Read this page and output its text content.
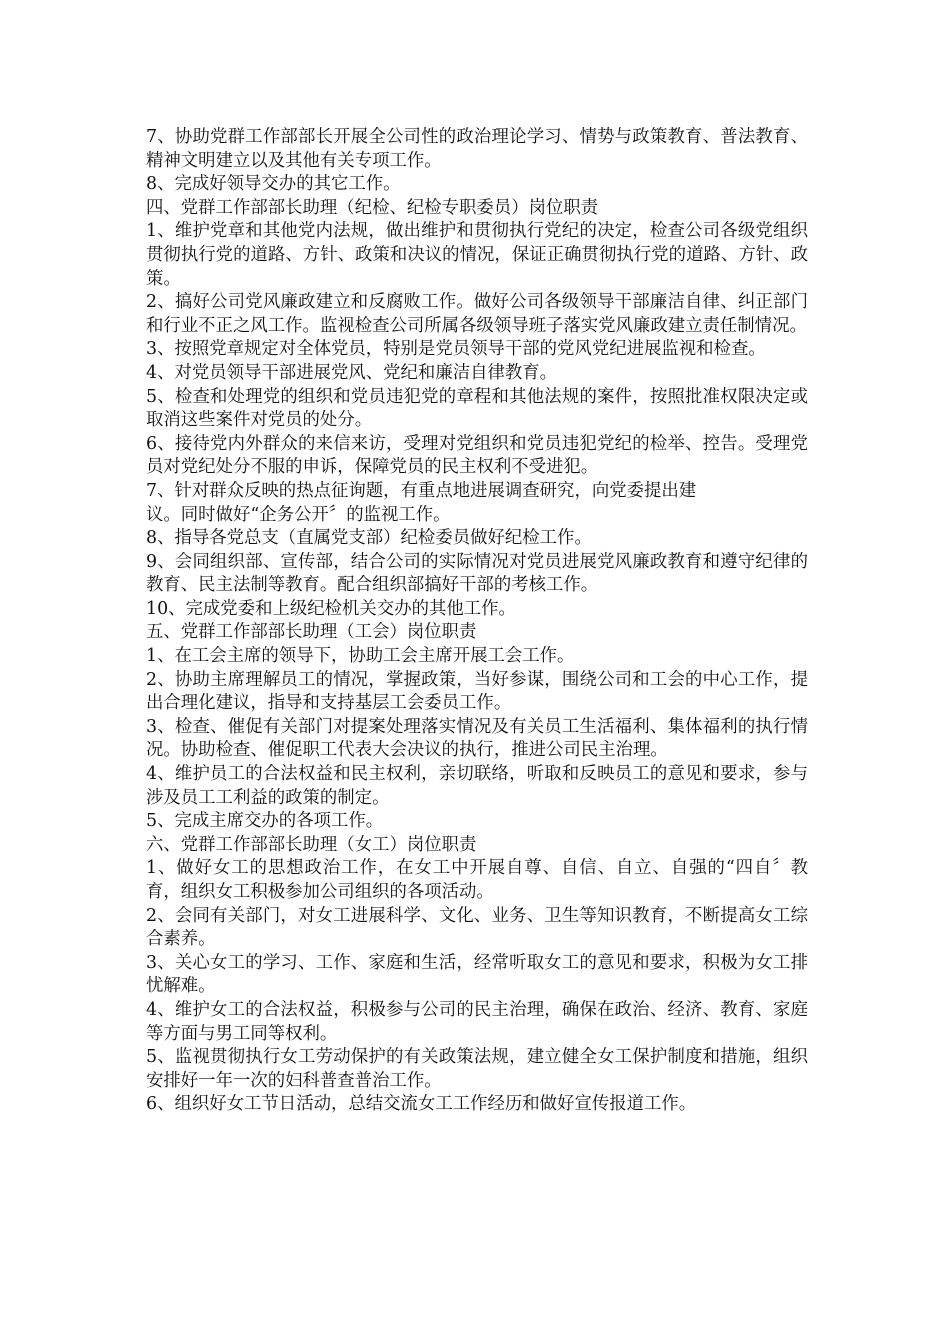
7、协助党群工作部部长开展全公司性的政治理论学习、情势与政策教育、普法教育、精神文明建立以及其他有关专项工作。

8、完成好领导交办的其它工作。

四、党群工作部部长助理（纪检、纪检专职委员）岗位职责

1、维护党章和其他党内法规，做出维护和贯彻执行党纪的决定，检查公司各级党组织贯彻执行党的道路、方针、政策和决议的情况，保证正确贯彻执行党的道路、方针、政策。

2、搞好公司党风廉政建立和反腐败工作。做好公司各级领导干部廉洁自律、纠正部门和行业不正之风工作。监视检查公司所属各级领导班子落实党风廉政建立责任制情况。

3、按照党章规定对全体党员，特别是党员领导干部的党风党纪进展监视和检查。

4、对党员领导干部进展党风、党纪和廉洁自律教育。

5、检查和处理党的组织和党员违犯党的章程和其他法规的案件，按照批准权限决定或取消这些案件对党员的处分。

6、接待党内外群众的来信来访，受理对党组织和党员违犯党纪的检举、控告。受理党员对党纪处分不服的申诉，保障党员的民主权利不受进犯。

7、针对群众反映的热点征询题，有重点地进展调查研究，向党委提出建
议。同时做好“企务公开〞的监视工作。

8、指导各党总支（直属党支部）纪检委员做好纪检工作。

9、会同组织部、宣传部，结合公司的实际情况对党员进展党风廉政教育和遵守纪律的教育、民主法制等教育。配合组织部搞好干部的考核工作。

10、完成党委和上级纪检机关交办的其他工作。

五、党群工作部部长助理（工会）岗位职责

1、在工会主席的领导下，协助工会主席开展工会工作。

2、协助主席理解员工的情况，掌握政策，当好参谋，围绕公司和工会的中心工作，提出合理化建议，指导和支持基层工会委员工作。

3、检查、催促有关部门对提案处理落实情况及有关员工生活福利、集体福利的执行情况。协助检查、催促职工代表大会决议的执行，推进公司民主治理。

4、维护员工的合法权益和民主权利，亲切联络，听取和反映员工的意见和要求，参与涉及员工工利益的政策的制定。

5、完成主席交办的各项工作。

六、党群工作部部长助理（女工）岗位职责

1、做好女工的思想政治工作，在女工中开展自尊、自信、自立、自强的“四自〞教育，组织女工积极参加公司组织的各项活动。

2、会同有关部门，对女工进展科学、文化、业务、卫生等知识教育，不断提高女工综合素养。

3、关心女工的学习、工作、家庭和生活，经常听取女工的意见和要求，积极为女工排忧解难。

4、维护女工的合法权益，积极参与公司的民主治理，确保在政治、经济、教育、家庭等方面与男工同等权利。

5、监视贯彻执行女工劳动保护的有关政策法规，建立健全女工保护制度和措施，组织安排好一年一次的妇科普查普治工作。

6、组织好女工节日活动，总结交流女工工作经历和做好宣传报道工作。
